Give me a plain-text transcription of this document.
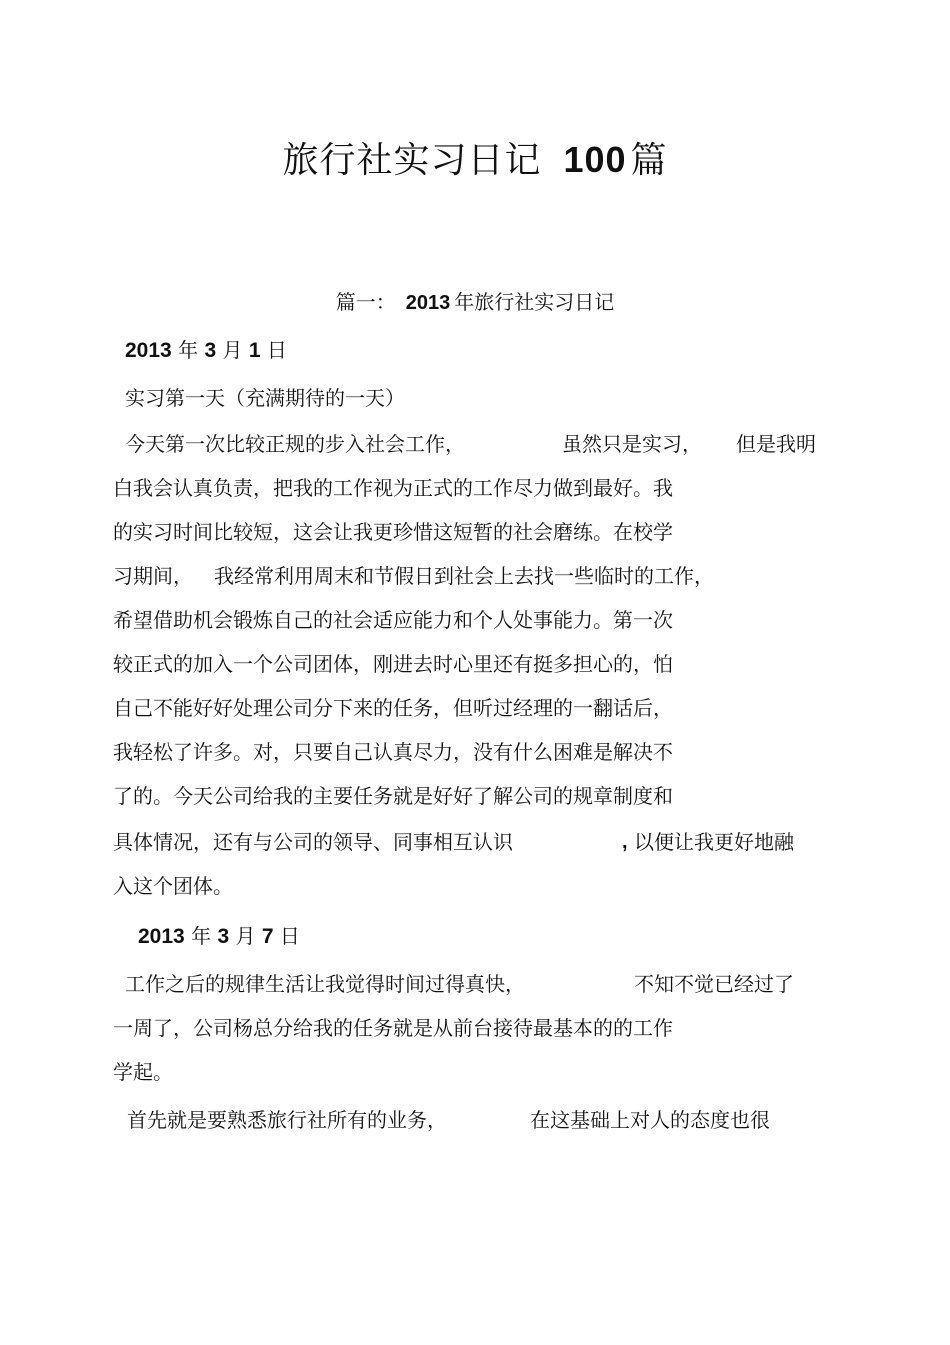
旅行社实习日记 100 篇
篇一： 2013 年旅行社实习日记
2013 年 3 月 1 日
实习第一天（充满期待的一天）
今天第一次比较正规的步入社会工作，	虽然只是实习， 但是我明
白我会认真负责，把我的工作视为正式的工作尽力做到最好。我
的实习时间比较短，这会让我更珍惜这短暂的社会磨练。在校学
习期间， 我经常利用周末和节假日到社会上去找一些临时的工作，
希望借助机会锻炼自己的社会适应能力和个人处事能力。第一次
较正式的加入一个公司团体，刚进去时心里还有挺多担心的，怕
自己不能好好处理公司分下来的任务，但听过经理的一翻话后，
我轻松了许多。对，只要自己认真尽力，没有什么困难是解决不
了的。今天公司给我的主要任务就是好好了解公司的规章制度和
具体情况，还有与公司的领导、同事相互认识	, 以便让我更好地融
入这个团体。
2013 年 3 月 7 日
工作之后的规律生活让我觉得时间过得真快，	不知不觉已经过了
一周了，公司杨总分给我的任务就是从前台接待最基本的的工作
学起。
首先就是要熟悉旅行社所有的业务，	在这基础上对人的态度也很
